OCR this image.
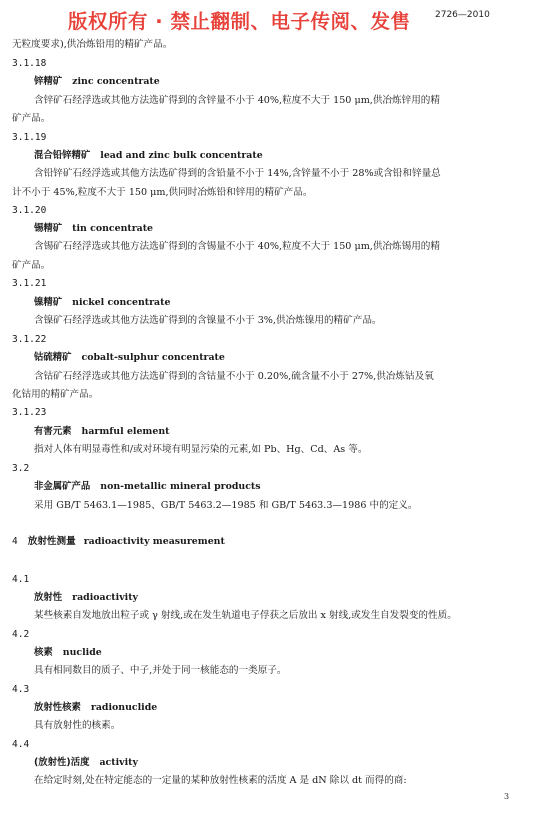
版权所有 · 禁止翻制、电子传阅、发售	2726—2010
无粒度要求),供冶炼铅用的精矿产品。
3.1.18
锌精矿 zinc concentrate
含锌矿石经浮选或其他方法选矿得到的含锌量不小于 40%,粒度不大于 150 μm,供冶炼锌用的精
矿产品。
3.1.19
混合铅锌精矿 lead and zinc bulk concentrate
含铅锌矿石经浮选或其他方法选矿得到的含铅量不小于 14%,含锌量不小于 28%或含铅和锌量总
计不小于 45%,粒度不大于 150 μm,供同时冶炼铅和锌用的精矿产品。
3.1.20
锡精矿 tin concentrate
含锡矿石经浮选或其他方法选矿得到的含锡量不小于 40%,粒度不大于 150 μm,供冶炼锡用的精
矿产品。
3.1.21
镍精矿 nickel concentrate
含镍矿石经浮选或其他方法选矿得到的含镍量不小于 3%,供冶炼镍用的精矿产品。
3.1.22
钴硫精矿 cobalt-sulphur concentrate
含钴矿石经浮选或其他方法选矿得到的含钴量不小于 0.20%,硫含量不小于 27%,供冶炼钴及氧
化钴用的精矿产品。
3.1.23
有害元素 harmful element
指对人体有明显毒性和/或对环境有明显污染的元素,如 Pb、Hg、Cd、As 等。
3.2
非金属矿产品 non-metallic mineral products
采用 GB/T 5463.1—1985、GB/T 5463.2—1985 和 GB/T 5463.3—1986 中的定义。
4 放射性测量 radioactivity measurement
4.1
放射性 radioactivity
某些核素自发地放出粒子或 γ 射线,或在发生轨道电子俘获之后放出 x 射线,或发生自发裂变的性质。
4.2
核素 nuclide
具有相同数目的质子、中子,并处于同一核能态的一类原子。
4.3
放射性核素 radionuclide
具有放射性的核素。
4.4
(放射性)活度 activity
在给定时刻,处在特定能态的一定量的某种放射性核素的活度 A 是 dN 除以 dt 而得的商:
3
